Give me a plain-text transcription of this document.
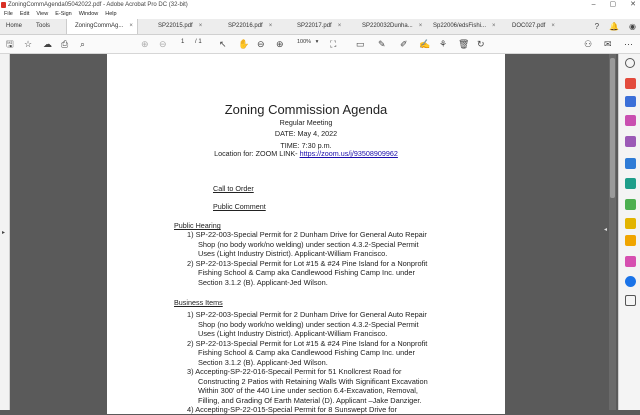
ZoningCommAgenda05042022.pdf - Adobe Acrobat Pro DC (32-bit)	– ▢ ✕
File Edit View E-Sign Window Help
Home Tools	ZoningCommAg... ×	SP22015.pdf ×	SP22016.pdf ×	SP22017.pdf ×	SP220032Dunha... × Sp22006/edsFishi... ×	DOC027.pdf ×	? 🔔 ◉
🖫 ☆ ☁ ⎙ ⌕	⊕ ⊖	↖ ✋ ⊖ ⊕	⛶ ▭ ✎ ✐ ✍ ⚘ 🗑 ↻	⚇ ✉ ⋯
1 / 1	100% ▾
▸
Zoning Commission Agenda
Regular Meeting
DATE: May 4, 2022
TIME: 7:30 p.m.
Location for: ZOOM LINK- https://zoom.us/j/93508909962
Call to Order
Public Comment
Public Hearing
1) SP-22-003-Special Permit for 2 Dunham Drive for General Auto Repair
Shop (no body work/no welding) under section 4.3.2-Special Permit
Uses (Light Industry District). Applicant-William Francisco.
2) SP-22-013-Special Permit for Lot #15 & #24 Pine Island for a Nonprofit
Fishing School & Camp aka Candlewood Fishing Camp Inc. under
Section 3.1.2 (B). Applicant-Jed Wilson.
Business Items
1) SP-22-003-Special Permit for 2 Dunham Drive for General Auto Repair
Shop (no body work/no welding) under section 4.3.2-Special Permit
Uses (Light Industry District). Applicant-William Francisco.
2) SP-22-013-Special Permit for Lot #15 & #24 Pine Island for a Nonprofit
Fishing School & Camp aka Candlewood Fishing Camp Inc. under
Section 3.1.2 (B). Applicant-Jed Wilson.
3) Accepting-SP-22-016-Specail Permit for 51 Knollcrest Road for
Constructing 2 Patios with Retaining Walls With Significant Excavation
Within 300' of the 440 Line under section 6.4-Excavation, Removal,
Filling, and Grading Of Earth Material (D). Applicant –Jake Danziger.
4) Accepting-SP-22-015-Special Permit for 8 Sunswept Drive for
◂
